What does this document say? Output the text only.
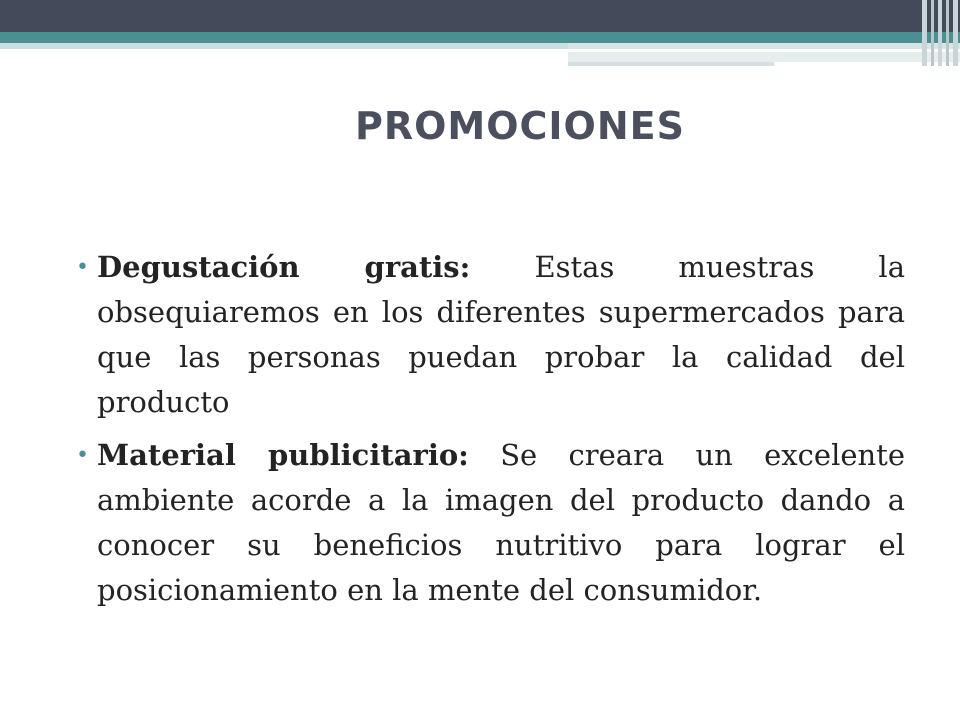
PROMOCIONES
• Degustación gratis: Estas muestras la obsequiaremos en los diferentes supermercados para que las personas puedan probar la calidad del producto
• Material publicitario: Se creara un excelente ambiente acorde a la imagen del producto dando a conocer su beneficios nutritivo para lograr el posicionamiento en la mente del consumidor.
